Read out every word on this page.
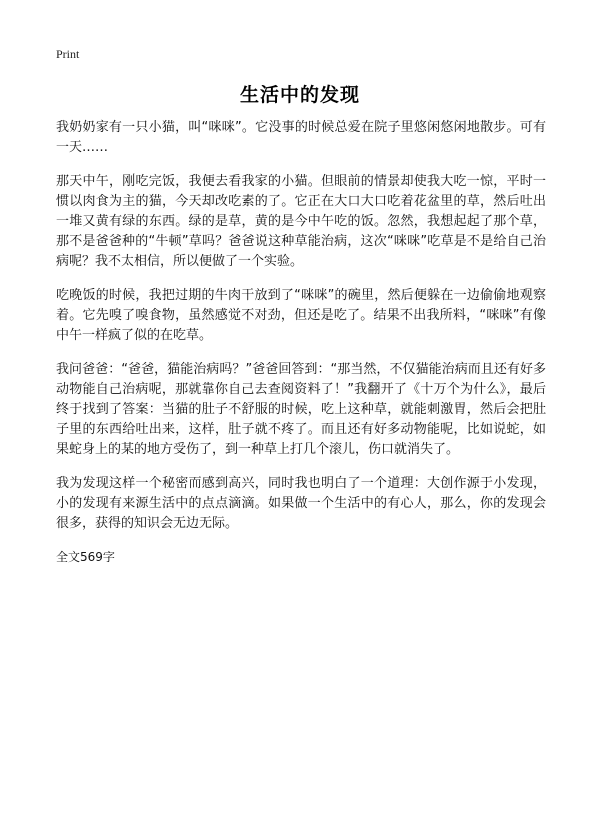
Print
生活中的发现

我奶奶家有一只小猫，叫“咪咪”。它没事的时候总爱在院子里悠闲悠闲地散步。可有一天……

那天中午，刚吃完饭，我便去看我家的小猫。但眼前的情景却使我大吃一惊，平时一惯以肉食为主的猫，今天却改吃素的了。它正在大口大口吃着花盆里的草，然后吐出一堆又黄有绿的东西。绿的是草，黄的是今中午吃的饭。忽然，我想起起了那个草，那不是爸爸种的“牛顿”草吗？爸爸说这种草能治病，这次“咪咪”吃草是不是给自己治病呢？我不太相信，所以便做了一个实验。

吃晚饭的时候，我把过期的牛肉干放到了“咪咪”的碗里，然后便躲在一边偷偷地观察着。它先嗅了嗅食物，虽然感觉不对劲，但还是吃了。结果不出我所料，“咪咪”有像中午一样疯了似的在吃草。

我问爸爸：“爸爸，猫能治病吗？”爸爸回答到：“那当然，不仅猫能治病而且还有好多动物能自己治病呢，那就靠你自己去查阅资料了！”我翻开了《十万个为什么》，最后终于找到了答案：当猫的肚子不舒服的时候，吃上这种草，就能刺激胃，然后会把肚子里的东西给吐出来，这样，肚子就不疼了。而且还有好多动物能呢，比如说蛇，如果蛇身上的某的地方受伤了，到一种草上打几个滚儿，伤口就消失了。

我为发现这样一个秘密而感到高兴，同时我也明白了一个道理：大创作源于小发现，小的发现有来源生活中的点点滴滴。如果做一个生活中的有心人，那么，你的发现会很多，获得的知识会无边无际。

全文569字
